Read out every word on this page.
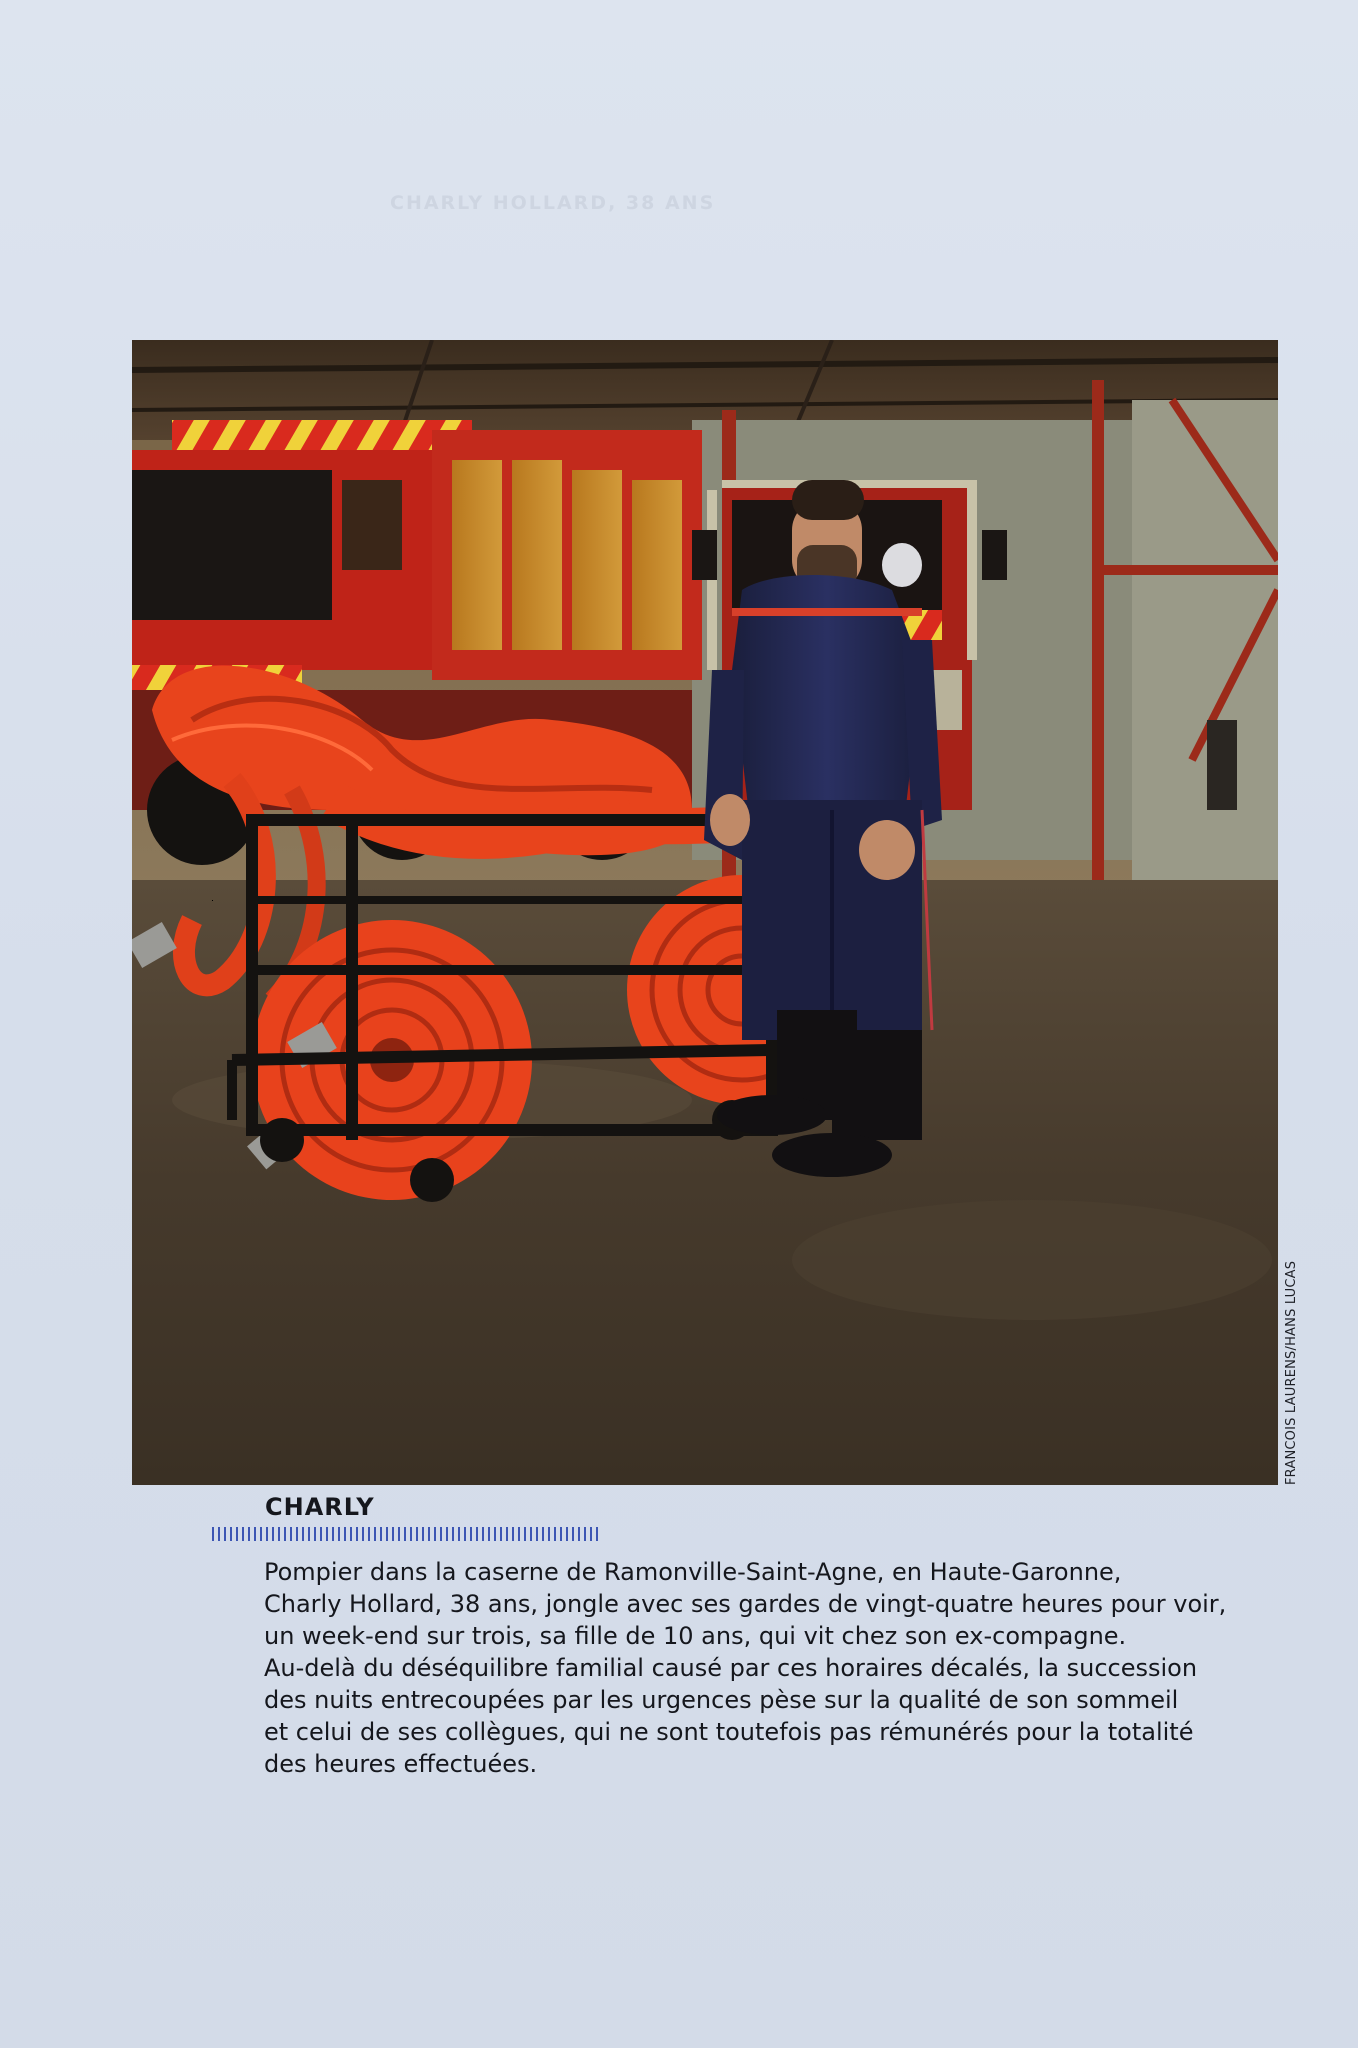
CHARLY HOLLARD, 38 ANS
FRANCOIS LAURENS/HANS LUCAS
CHARLY
Pompier dans la caserne de Ramonville-Saint-Agne, en Haute-Garonne,
Charly Hollard, 38 ans, jongle avec ses gardes de vingt-quatre heures pour voir,
un week-end sur trois, sa fille de 10 ans, qui vit chez son ex-compagne.
Au-delà du déséquilibre familial causé par ces horaires décalés, la succession
des nuits entrecoupées par les urgences pèse sur la qualité de son sommeil
et celui de ses collègues, qui ne sont toutefois pas rémunérés pour la totalité
des heures effectuées.
